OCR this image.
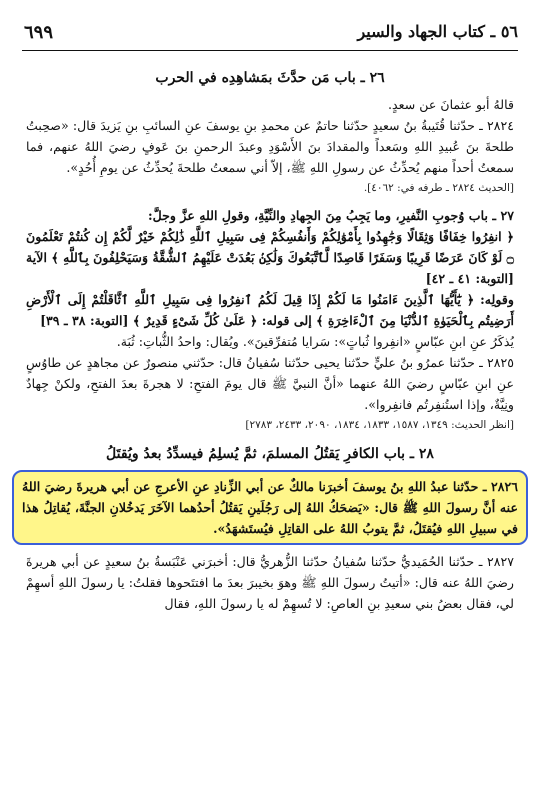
٦٩٩	٥٦ ـ كتاب الجهاد والسير

٢٦ ـ باب مَن حدَّثَ بمَشاهِدِه في الحرب

قالهُ أبو عثمانَ عن سعدٍ.

٢٨٢٤ ـ حدّثنا قُتَيبةُ بنُ سعيدٍ حدّثنا حاتمٌ عن محمدِ بنِ يوسفَ عنِ السائبِ بنِ يَزيدَ قال: «صحِبتُ طلحةَ بنَ عُبيدِ اللهِ وسَعداً والمقدادَ بنَ الأَسْوَدِ وعبدَ الرحمنِ بنَ عَوفٍ رضيَ اللهُ عنهم، فما سمعتُ أحداً منهم يُحدِّثُ عن رسولِ اللهِ ﷺ، إلاّ أني سمعتُ طلحةَ يُحدِّثُ عن يومِ أُحُدٍ».

[الحديث ٢٨٢٤ ـ طرفه في: ٤٠٦٢].

٢٧ ـ باب وُجوبِ النَّفيرِ، وما يَجِبُ مِنَ الجِهادِ والنِّيَّةِ، وقولِ اللهِ عزَّ وجلَّ:

﴿ انفِرُوا خِفَافًا وَثِقَالًا وَجَٰهِدُوا بِأَمْوَٰلِكُمْ وَأَنفُسِكُمْ فِى سَبِيلِ ٱللَّهِ ذَٰلِكُمْ خَيْرٌ لَّكُمْ إِن كُنتُمْ تَعْلَمُونَ ۝ لَوْ كَانَ عَرَضًا قَرِيبًا وَسَفَرًا قَاصِدًا لَّٱتَّبَعُوكَ وَلَٰكِنۢ بَعُدَتْ عَلَيْهِمُ ٱلشُّقَّةُ وَسَيَحْلِفُونَ بِٱللَّهِ ﴾ الآية [التوبة: ٤١ ـ ٤٢]

وقولِه: ﴿ يَٰٓأَيُّهَا ٱلَّذِينَ ءَامَنُوا مَا لَكُمْ إِذَا قِيلَ لَكُمُ ٱنفِرُوا فِى سَبِيلِ ٱللَّهِ ٱثَّاقَلْتُمْ إِلَى ٱلْأَرْضِ أَرَضِيتُم بِٱلْحَيَوٰةِ ٱلدُّنْيَا مِنَ ٱلْءَاخِرَةِ ﴾ إلى قوله: ﴿ عَلَىٰ كُلِّ شَىْءٍ قَدِيرٌ ﴾ [التوبة: ٣٨ ـ ٣٩]

يُذكَرُ عنِ ابنِ عبّاسٍ «انفِروا ثُباتٍ»: سَرايا مُتفرِّقينَ». ويُقال: واحدُ الثُّباتِ: ثُبَة.

٢٨٢٥ ـ حدّثنا عمرُو بنُ عليٍّ حدّثنا يحيى حدّثنا سُفيانُ قال: حدّثني منصورٌ عن مجاهدٍ عن طاوُسٍ عنِ ابنِ عبّاسٍ رضيَ اللهُ عنهما «أنَّ النبيَّ ﷺ قال يومَ الفتحِ: لا هجرةَ بعدَ الفتحِ، ولكنْ جِهادٌ ونِيَّةٌ، وإذا استُنفِرتُم فانفِروا».

[انظر الحديث: ١٣٤٩، ١٥٨٧، ١٨٣٣، ١٨٣٤، ٢٠٩٠، ٢٤٣٣، ٢٧٨٣]

٢٨ ـ باب الكافرِ يَقتُلُ المسلمَ، ثمَّ يُسلِمُ فيسدِّدُ بعدُ ويُقتَلُ

٢٨٢٦ ـ حدّثنا عبدُ اللهِ بنُ يوسفَ أخبرَنا مالكٌ عن أبي الزِّنادِ عنِ الأعرجِ عن أبي هريرةَ رضيَ اللهُ عنه أنَّ رسولَ اللهِ ﷺ قال: «يَضحَكُ اللهُ إلى رَجُلَينِ يَقتُلُ أحدُهما الآخَرَ يَدخُلانِ الجنَّةَ، يُقاتِلُ هذا في سبيلِ اللهِ فيُقتَلُ، ثمَّ يتوبُ اللهُ على القاتِلِ فيُستَشهَدُ».

٢٨٢٧ ـ حدّثنا الحُمَيديُّ حدّثنا سُفيانُ حدّثنا الزُّهريُّ قال: أخبرَني عَنْبَسةُ بنُ سعيدٍ عن أبي هريرةَ رضيَ اللهُ عنه قال: «أتيتُ رسولَ اللهِ ﷺ وهوَ بخيبرَ بعدَ ما افتتَحوها فقلتُ: يا رسولَ اللهِ أسهِمْ لي، فقال بعضُ بني سعيدِ بنِ العاصِ: لا تُسهِمْ له يا رسولَ اللهِ، فقال
